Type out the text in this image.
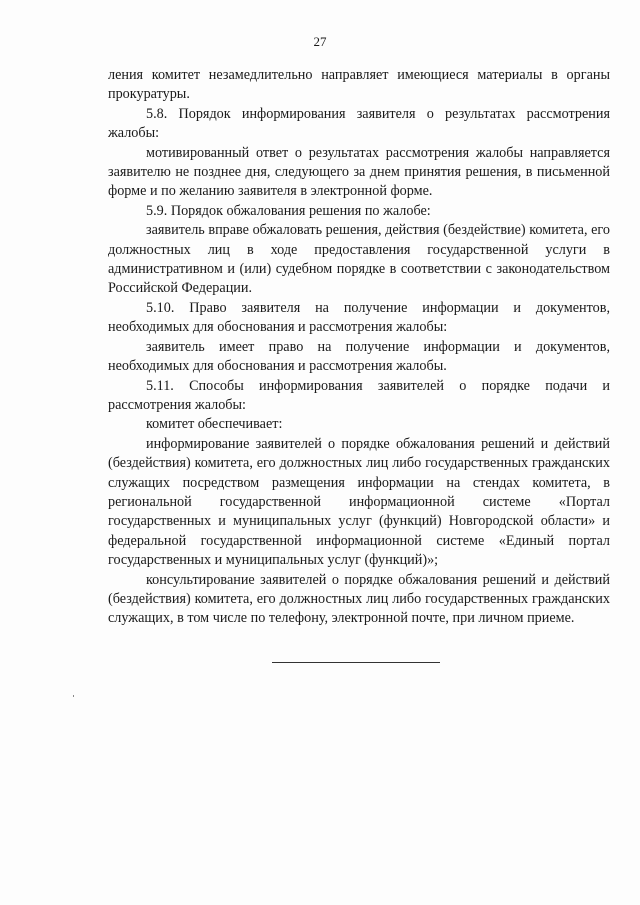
27

ления комитет незамедлительно направляет имеющиеся материалы в органы прокуратуры.

5.8. Порядок информирования заявителя о результатах рассмотрения жалобы:

мотивированный ответ о результатах рассмотрения жалобы направляется заявителю не позднее дня, следующего за днем принятия решения, в письменной форме и по желанию заявителя в электронной форме.

5.9. Порядок обжалования решения по жалобе:

заявитель вправе обжаловать решения, действия (бездействие) комитета, его должностных лиц в ходе предоставления государственной услуги в административном и (или) судебном порядке в соответствии с законодательством Российской Федерации.

5.10. Право заявителя на получение информации и документов, необходимых для обоснования и рассмотрения жалобы:

заявитель имеет право на получение информации и документов, необходимых для обоснования и рассмотрения жалобы.

5.11. Способы информирования заявителей о порядке подачи и рассмотрения жалобы:

комитет обеспечивает:

информирование заявителей о порядке обжалования решений и действий (бездействия) комитета, его должностных лиц либо государственных гражданских служащих посредством размещения информации на стендах комитета, в региональной государственной информационной системе «Портал государственных и муниципальных услуг (функций) Новгородской области» и федеральной государственной информационной системе «Единый портал государственных и муниципальных услуг (функций)»;

консультирование заявителей о порядке обжалования решений и действий (бездействия) комитета, его должностных лиц либо государственных гражданских служащих, в том числе по телефону, электронной почте, при личном приеме.
